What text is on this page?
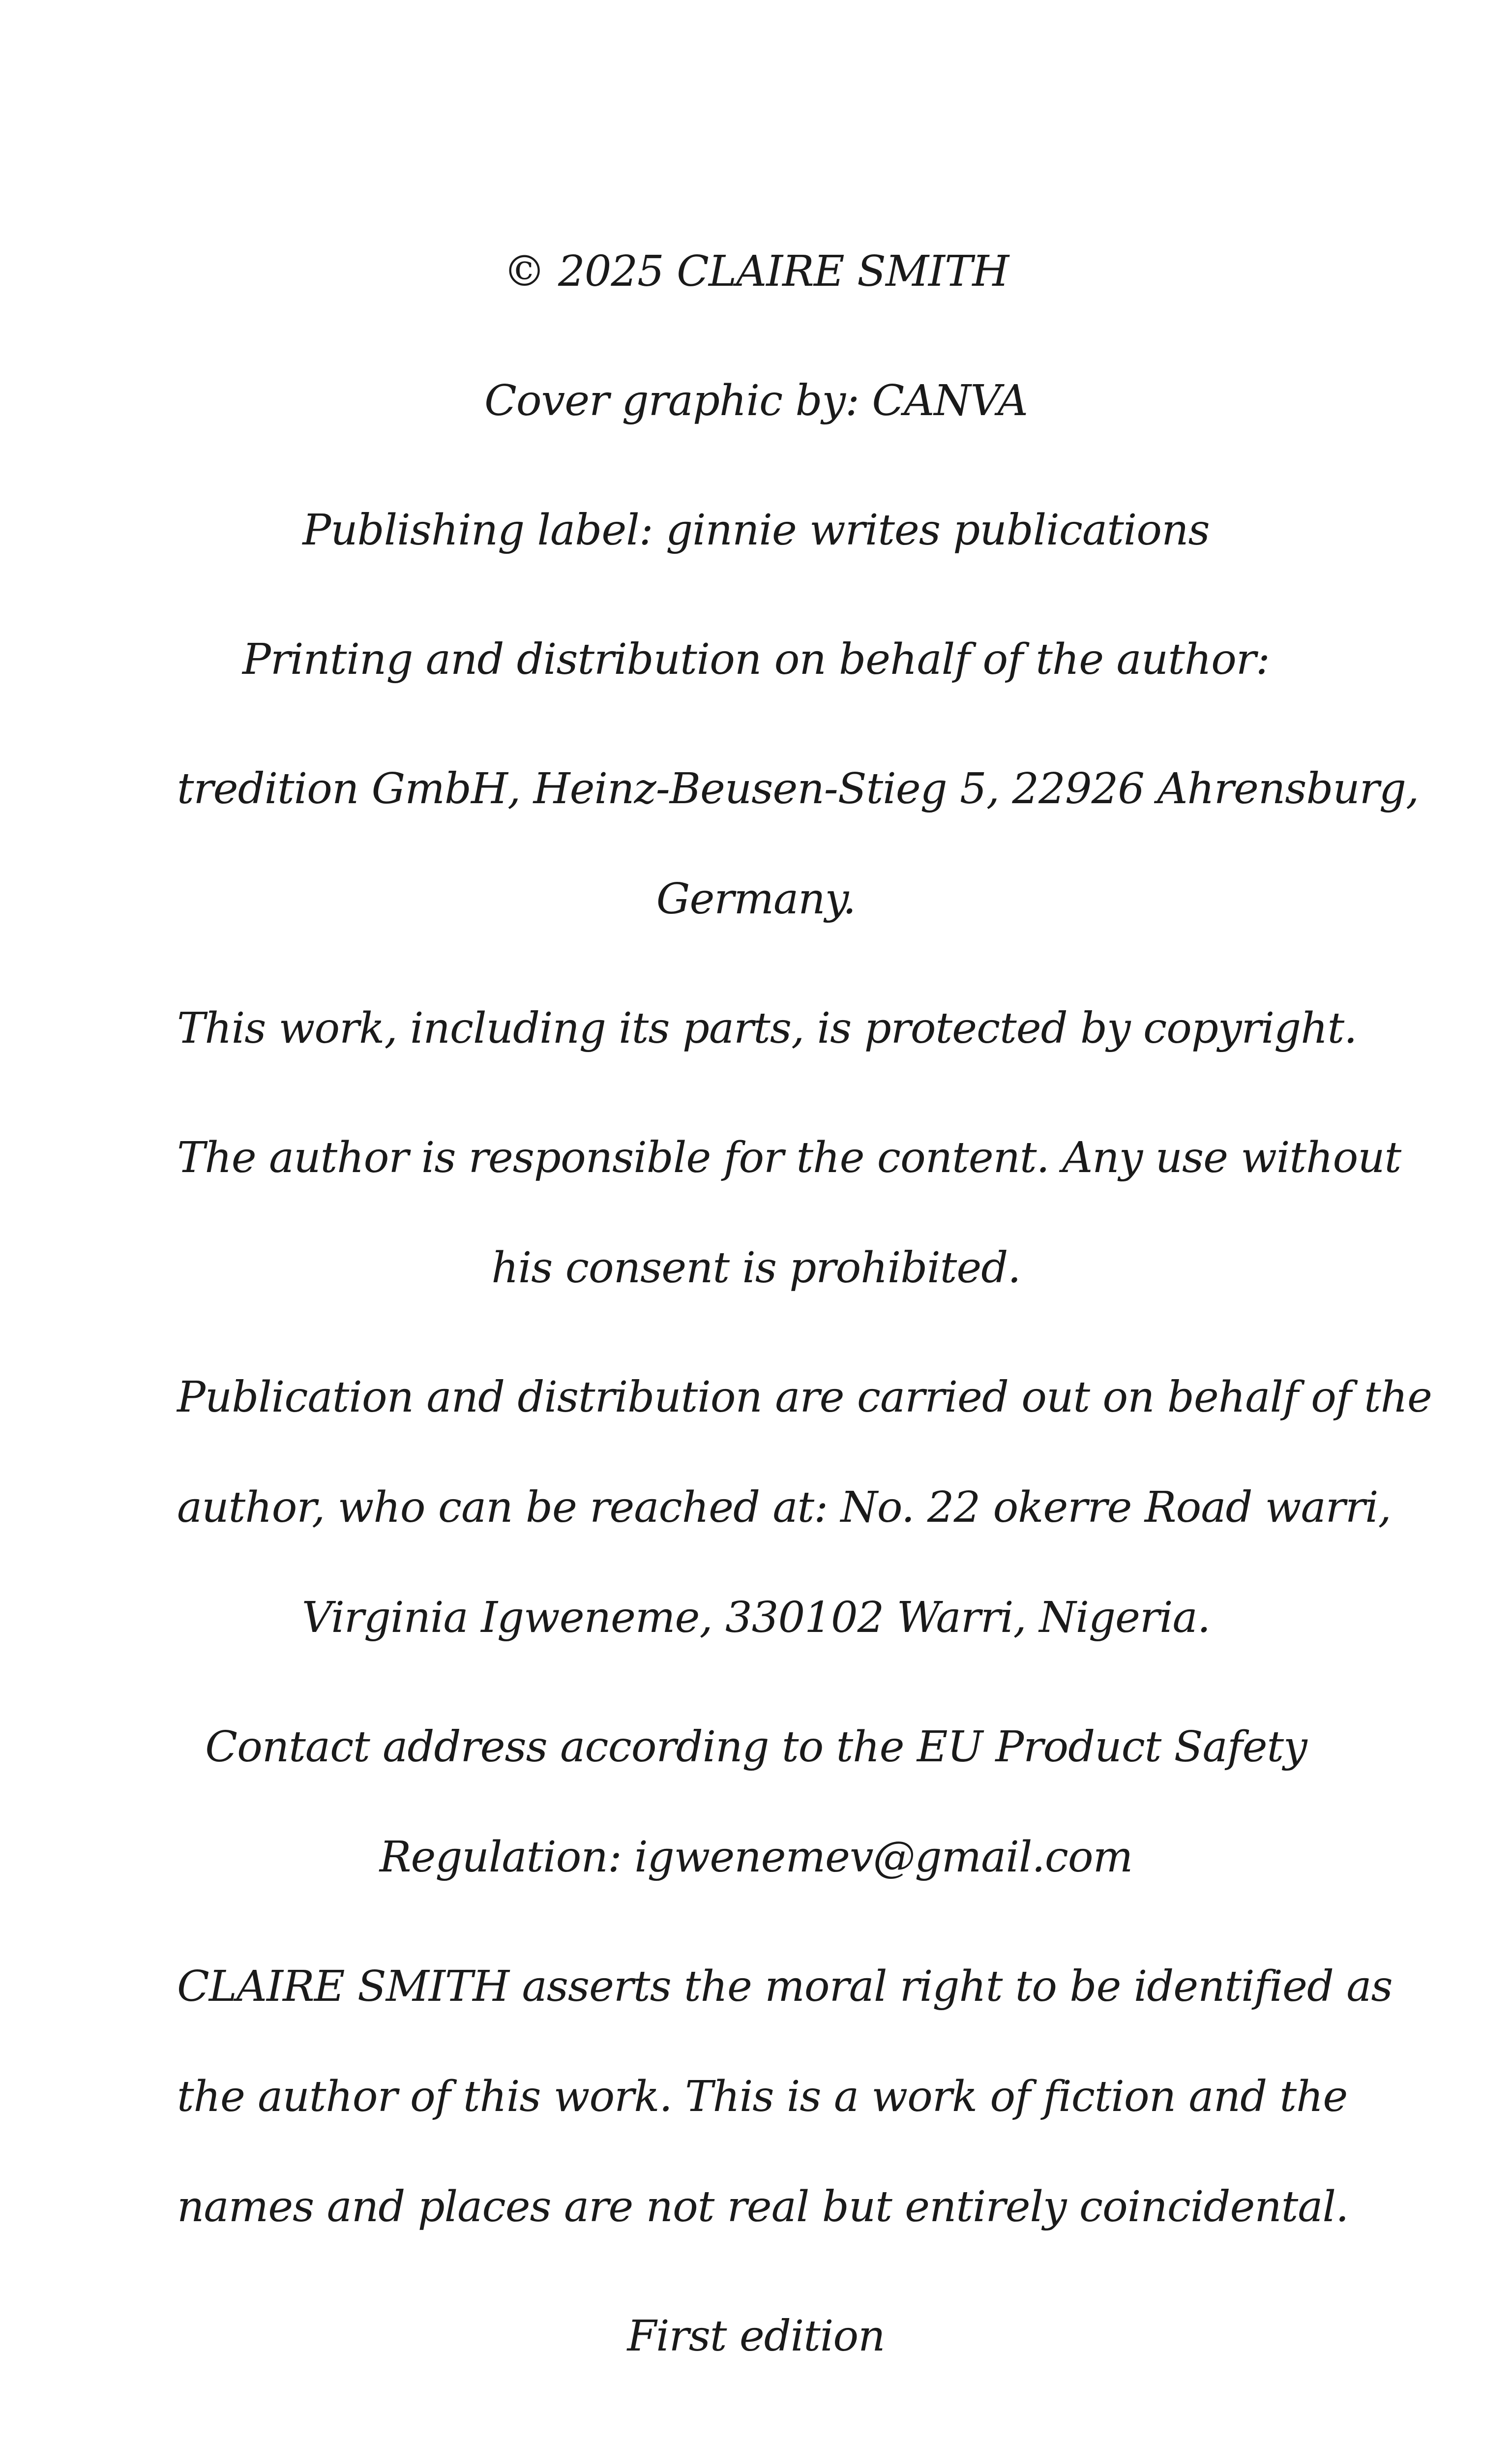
© 2025 CLAIRE SMITH

Cover graphic by: CANVA

Publishing label: ginnie writes publications

Printing and distribution on behalf of the author:

tredition GmbH, Heinz-Beusen-Stieg 5, 22926 Ahrensburg,
Germany.

This work, including its parts, is protected by copyright.

The author is responsible for the content. Any use without
his consent is prohibited.

Publication and distribution are carried out on behalf of the
author, who can be reached at: No. 22 okerre Road warri,
Virginia Igweneme, 330102 Warri, Nigeria.

Contact address according to the EU Product Safety
Regulation: igwenemev@gmail.com

CLAIRE SMITH asserts the moral right to be identified as
the author of this work. This is a work of fiction and the
names and places are not real but entirely coincidental.

First edition
